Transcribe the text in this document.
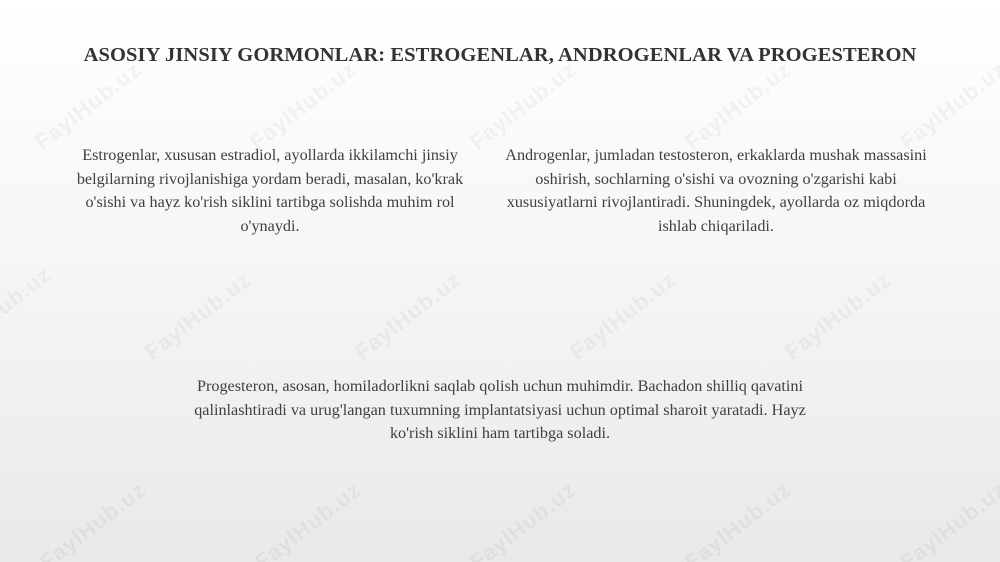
ASOSIY JINSIY GORMONLAR: ESTROGENLAR, ANDROGENLAR VA PROGESTERON
Estrogenlar, xususan estradiol, ayollarda ikkilamchi jinsiy belgilarning rivojlanishiga yordam beradi, masalan, ko'krak o'sishi va hayz ko'rish siklini tartibga solishda muhim rol o'ynaydi.
Androgenlar, jumladan testosteron, erkaklarda mushak massasini oshirish, sochlarning o'sishi va ovozning o'zgarishi kabi xususiyatlarni rivojlantiradi. Shuningdek, ayollarda oz miqdorda ishlab chiqariladi.
Progesteron, asosan, homiladorlikni saqlab qolish uchun muhimdir. Bachadon shilliq qavatini qalinlashtiradi va urug'langan tuxumning implantatsiyasi uchun optimal sharoit yaratadi. Hayz ko'rish siklini ham tartibga soladi.
